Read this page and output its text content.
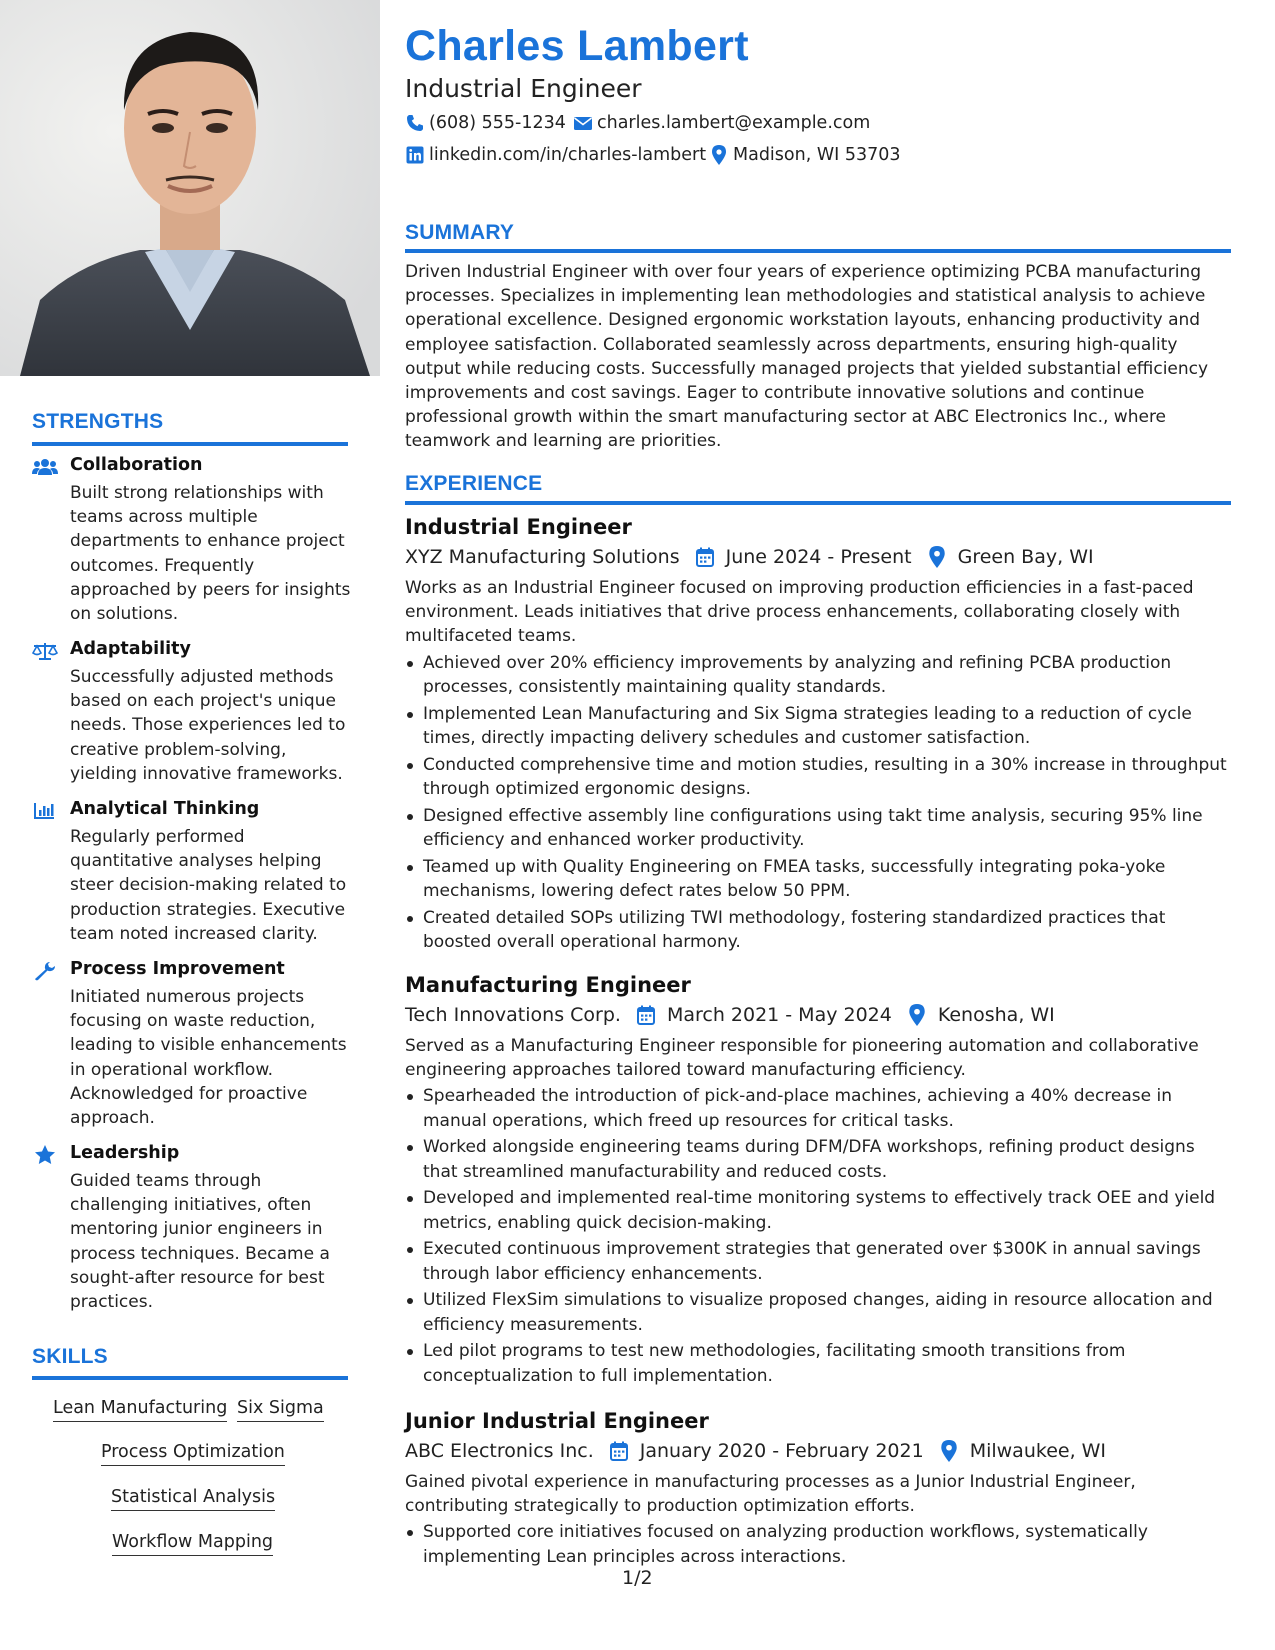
STRENGTHS
Collaboration
Built strong relationships with teams across multiple departments to enhance project outcomes. Frequently approached by peers for insights on solutions.
Adaptability
Successfully adjusted methods based on each project's unique needs. Those experiences led to creative problem-solving, yielding innovative frameworks.
Analytical Thinking
Regularly performed quantitative analyses helping steer decision-making related to production strategies. Executive team noted increased clarity.
Process Improvement
Initiated numerous projects focusing on waste reduction, leading to visible enhancements in operational workflow. Acknowledged for proactive approach.
Leadership
Guided teams through challenging initiatives, often mentoring junior engineers in process techniques. Became a sought-after resource for best practices.
SKILLS
Lean Manufacturing Six Sigma
Process Optimization
Statistical Analysis
Workflow Mapping
Charles Lambert
Industrial Engineer
(608) 555-1234 charles.lambert@example.com
linkedin.com/in/charles-lambert Madison, WI 53703
SUMMARY
Driven Industrial Engineer with over four years of experience optimizing PCBA manufacturing processes. Specializes in implementing lean methodologies and statistical analysis to achieve operational excellence. Designed ergonomic workstation layouts, enhancing productivity and employee satisfaction. Collaborated seamlessly across departments, ensuring high-quality output while reducing costs. Successfully managed projects that yielded substantial efficiency improvements and cost savings. Eager to contribute innovative solutions and continue professional growth within the smart manufacturing sector at ABC Electronics Inc., where teamwork and learning are priorities.
EXPERIENCE
Industrial Engineer
XYZ Manufacturing Solutions June 2024 - Present Green Bay, WI
Works as an Industrial Engineer focused on improving production efficiencies in a fast-paced environment. Leads initiatives that drive process enhancements, collaborating closely with multifaceted teams.
Achieved over 20% efficiency improvements by analyzing and refining PCBA production processes, consistently maintaining quality standards.
Implemented Lean Manufacturing and Six Sigma strategies leading to a reduction of cycle times, directly impacting delivery schedules and customer satisfaction.
Conducted comprehensive time and motion studies, resulting in a 30% increase in throughput through optimized ergonomic designs.
Designed effective assembly line configurations using takt time analysis, securing 95% line efficiency and enhanced worker productivity.
Teamed up with Quality Engineering on FMEA tasks, successfully integrating poka-yoke mechanisms, lowering defect rates below 50 PPM.
Created detailed SOPs utilizing TWI methodology, fostering standardized practices that boosted overall operational harmony.
Manufacturing Engineer
Tech Innovations Corp. March 2021 - May 2024 Kenosha, WI
Served as a Manufacturing Engineer responsible for pioneering automation and collaborative engineering approaches tailored toward manufacturing efficiency.
Spearheaded the introduction of pick-and-place machines, achieving a 40% decrease in manual operations, which freed up resources for critical tasks.
Worked alongside engineering teams during DFM/DFA workshops, refining product designs that streamlined manufacturability and reduced costs.
Developed and implemented real-time monitoring systems to effectively track OEE and yield metrics, enabling quick decision-making.
Executed continuous improvement strategies that generated over $300K in annual savings through labor efficiency enhancements.
Utilized FlexSim simulations to visualize proposed changes, aiding in resource allocation and efficiency measurements.
Led pilot programs to test new methodologies, facilitating smooth transitions from conceptualization to full implementation.
Junior Industrial Engineer
ABC Electronics Inc. January 2020 - February 2021 Milwaukee, WI
Gained pivotal experience in manufacturing processes as a Junior Industrial Engineer, contributing strategically to production optimization efforts.
Supported core initiatives focused on analyzing production workflows, systematically implementing Lean principles across interactions.
1/2
